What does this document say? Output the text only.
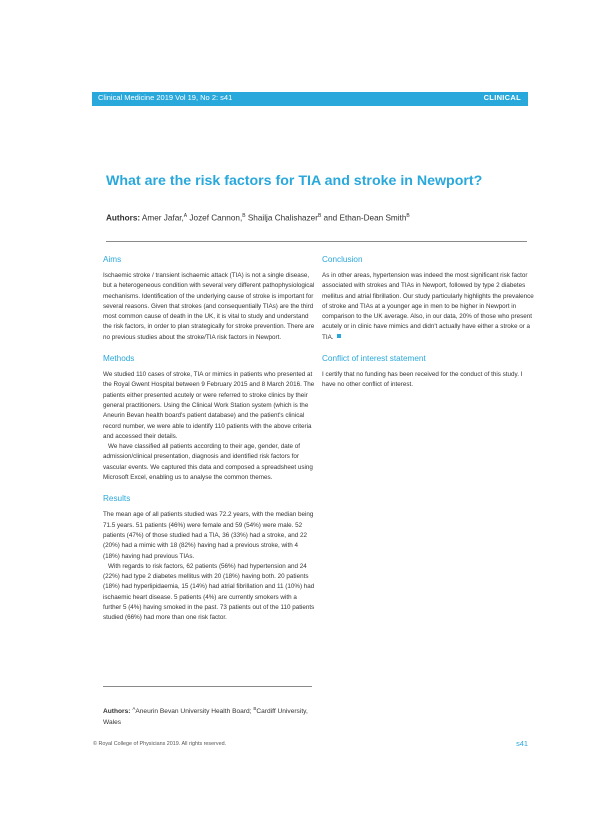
Clinical Medicine 2019 Vol 19, No 2: s41	CLINICAL
What are the risk factors for TIA and stroke in Newport?
Authors: Amer Jafar,$^A$ Jozef Cannon,$^B$ Shailja Chalishazer$^B$ and Ethan-Dean Smith$^B$
Aims

Ischaemic stroke / transient ischaemic attack (TIA) is not a single disease, but a heterogeneous condition with several very different pathophysiological mechanisms. Identification of the underlying cause of stroke is important for several reasons. Given that strokes (and consequentially TIAs) are the third most common cause of death in the UK, it is vital to study and understand the risk factors, in order to plan strategically for stroke prevention. There are no previous studies about the stroke/TIA risk factors in Newport.

Methods

We studied 110 cases of stroke, TIA or mimics in patients who presented at the Royal Gwent Hospital between 9 February 2015 and 8 March 2016. The patients either presented acutely or were referred to stroke clinics by their general practitioners. Using the Clinical Work Station system (which is the Aneurin Bevan health board's patient database) and the patient's clinical record number, we were able to identify 110 patients with the above criteria and accessed their details.

We have classified all patients according to their age, gender, date of admission/clinical presentation, diagnosis and identified risk factors for vascular events. We captured this data and composed a spreadsheet using Microsoft Excel, enabling us to analyse the common themes.

Results

The mean age of all patients studied was 72.2 years, with the median being 71.5 years. 51 patients (46%) were female and 59 (54%) were male. 52 patients (47%) of those studied had a TIA, 36 (33%) had a stroke, and 22 (20%) had a mimic with 18 (82%) having had a previous stroke, with 4 (18%) having had previous TIAs.

With regards to risk factors, 62 patients (56%) had hypertension and 24 (22%) had type 2 diabetes mellitus with 20 (18%) having both. 20 patients (18%) had hyperlipidaemia, 15 (14%) had atrial fibrillation and 11 (10%) had ischaemic heart disease. 5 patients (4%) are currently smokers with a further 5 (4%) having smoked in the past. 73 patients out of the 110 patients studied (66%) had more than one risk factor.

Conclusion

As in other areas, hypertension was indeed the most significant risk factor associated with strokes and TIAs in Newport, followed by type 2 diabetes mellitus and atrial fibrillation. Our study particularly highlights the prevalence of stroke and TIAs at a younger age in men to be higher in Newport in comparison to the UK average. Also, in our data, 20% of those who present acutely or in clinic have mimics and didn't actually have either a stroke or a TIA.

Conflict of interest statement

I certify that no funding has been received for the conduct of this study. I have no other conflict of interest.

Authors: $^A$Aneurin Bevan University Health Board; $^B$Cardiff University, Wales
© Royal College of Physicians 2019. All rights reserved.	s41
